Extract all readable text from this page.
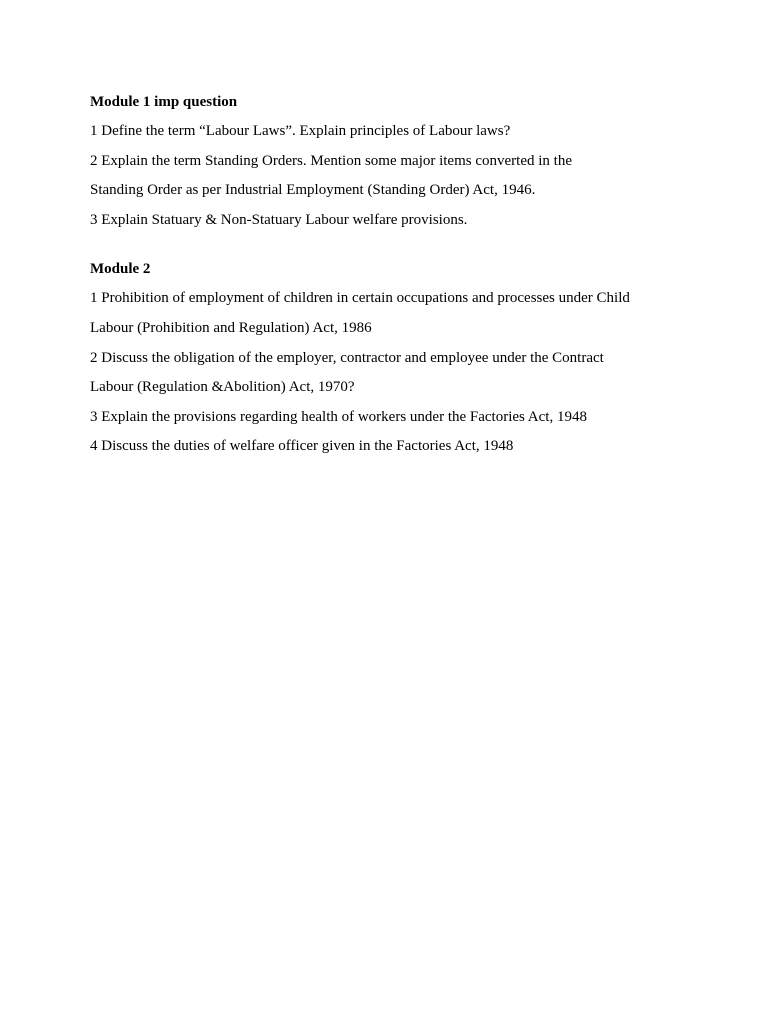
Module 1 imp question
1 Define the term “Labour Laws”. Explain principles of Labour laws?
2 Explain the term Standing Orders. Mention some major items converted in the
Standing Order as per Industrial Employment (Standing Order) Act, 1946.
3 Explain Statuary & Non-Statuary Labour welfare provisions.
Module 2
1 Prohibition of employment of children in certain occupations and processes under Child
Labour (Prohibition and Regulation) Act, 1986
2 Discuss the obligation of the employer, contractor and employee under the Contract
Labour (Regulation &Abolition) Act, 1970?
3 Explain the provisions regarding health of workers under the Factories Act, 1948
4 Discuss the duties of welfare officer given in the Factories Act, 1948
